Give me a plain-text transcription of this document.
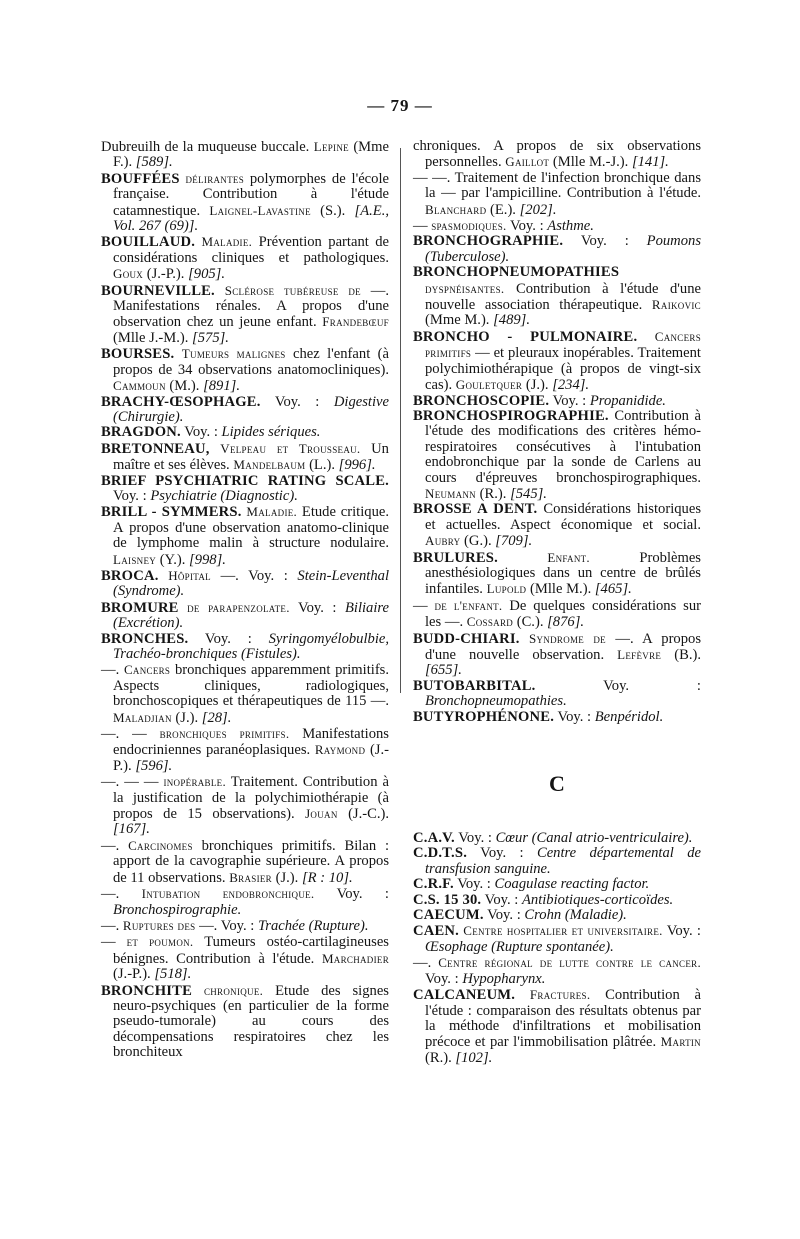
— 79 —

Dubreuilh de la muqueuse buccale. Lepine (Mme F.). [589].

BOUFFÉES délirantes polymorphes de l'école française. Contribution à l'étude catamnestique. Laignel-Lavastine (S.). [A.E., Vol. 267 (69)].

BOUILLAUD. Maladie. Prévention partant de considérations cliniques et pathologiques. Goux (J.-P.). [905].

BOURNEVILLE. Sclérose tubéreuse de —. Manifestations rénales. A propos d'une observation chez un jeune enfant. Frandebœuf (Mlle J.-M.). [575].

BOURSES. Tumeurs malignes chez l'enfant (à propos de 34 observations anatomocliniques). Cammoun (M.). [891].

BRACHY-ŒSOPHAGE. Voy. : Digestive (Chirurgie).

BRAGDON. Voy. : Lipides sériques.

BRETONNEAU, Velpeau et Trousseau. Un maître et ses élèves. Mandelbaum (L.). [996].

BRIEF PSYCHIATRIC RATING SCALE. Voy. : Psychiatrie (Diagnostic).

BRILL - SYMMERS. Maladie. Etude critique. A propos d'une observation anatomo-clinique de lymphome malin à structure nodulaire. Laisney (Y.). [998].

BROCA. Hôpital —. Voy. : Stein-Leventhal (Syndrome).

BROMURE de parapenzolate. Voy. : Biliaire (Excrétion).

BRONCHES. Voy. : Syringomyélobulbie, Trachéo-bronchiques (Fistules).

—. Cancers bronchiques apparemment primitifs. Aspects cliniques, radiologiques, bronchoscopiques et thérapeutiques de 115 —. Maladjian (J.). [28].

—. — bronchiques primitifs. Manifestations endocriniennes paranéoplasiques. Raymond (J.-P.). [596].

—. — — inopérable. Traitement. Contribution à la justification de la polychimiothérapie (à propos de 15 observations). Jouan (J.-C.). [167].

—. Carcinomes bronchiques primitifs. Bilan : apport de la cavographie supérieure. A propos de 11 observations. Brasier (J.). [R : 10].

—. Intubation endobronchique. Voy. : Bronchospirographie.

—. Ruptures des —. Voy. : Trachée (Rupture).

— et poumon. Tumeurs ostéo-cartilagineuses bénignes. Contribution à l'étude. Marchadier (J.-P.). [518].

BRONCHITE chronique. Etude des signes neuro-psychiques (en particulier de la forme pseudo-tumorale) au cours des décompensations respiratoires chez les bronchiteux

chroniques. A propos de six observations personnelles. Gaillot (Mlle M.-J.). [141].

— —. Traitement de l'infection bronchique dans la — par l'ampicilline. Contribution à l'étude. Blanchard (E.). [202].

— spasmodiques. Voy. : Asthme.

BRONCHOGRAPHIE. Voy. : Poumons (Tuberculose).

BRONCHOPNEUMOPATHIES dyspnéisantes. Contribution à l'étude d'une nouvelle association thérapeutique. Raikovic (Mme M.). [489].

BRONCHO - PULMONAIRE. Cancers primitifs — et pleuraux inopérables. Traitement polychimiothérapique (à propos de vingt-six cas). Gouletquer (J.). [234].

BRONCHOSCOPIE. Voy. : Propanidide.

BRONCHOSPIROGRAPHIE. Contribution à l'étude des modifications des critères hémo-respiratoires consécutives à l'intubation endobronchique par la sonde de Carlens au cours d'épreuves bronchospirographiques. Neumann (R.). [545].

BROSSE A DENT. Considérations historiques et actuelles. Aspect économique et social. Aubry (G.). [709].

BRULURES.	Enfant. Problèmes anesthésiologiques dans un centre de brûlés infantiles. Lupold (Mlle M.). [465].

— de l'enfant. De quelques considérations sur les —. Cossard (C.). [876].

BUDD-CHIARI. Syndrome de —. A propos d'une nouvelle observation. Lefèvre (B.). [655].

BUTOBARBITAL. Voy. : Bronchopneumopathies.

BUTYROPHÉNONE. Voy. : Benpéridol.

C

C.A.V. Voy. : Cœur (Canal atrio-ventriculaire).

C.D.T.S. Voy. : Centre départemental de transfusion sanguine.

C.R.F. Voy. : Coagulase reacting factor.

C.S. 15 30. Voy. : Antibiotiques-corticoïdes.

CAECUM. Voy. : Crohn (Maladie).

CAEN. Centre hospitalier et universitaire. Voy. : Œsophage (Rupture spontanée).

—. Centre régional de lutte contre le cancer. Voy. : Hypopharynx.

CALCANEUM. Fractures. Contribution à l'étude : comparaison des résultats obtenus par la méthode d'infiltrations et mobilisation précoce et par l'immobilisation plâtrée. Martin (R.). [102].
